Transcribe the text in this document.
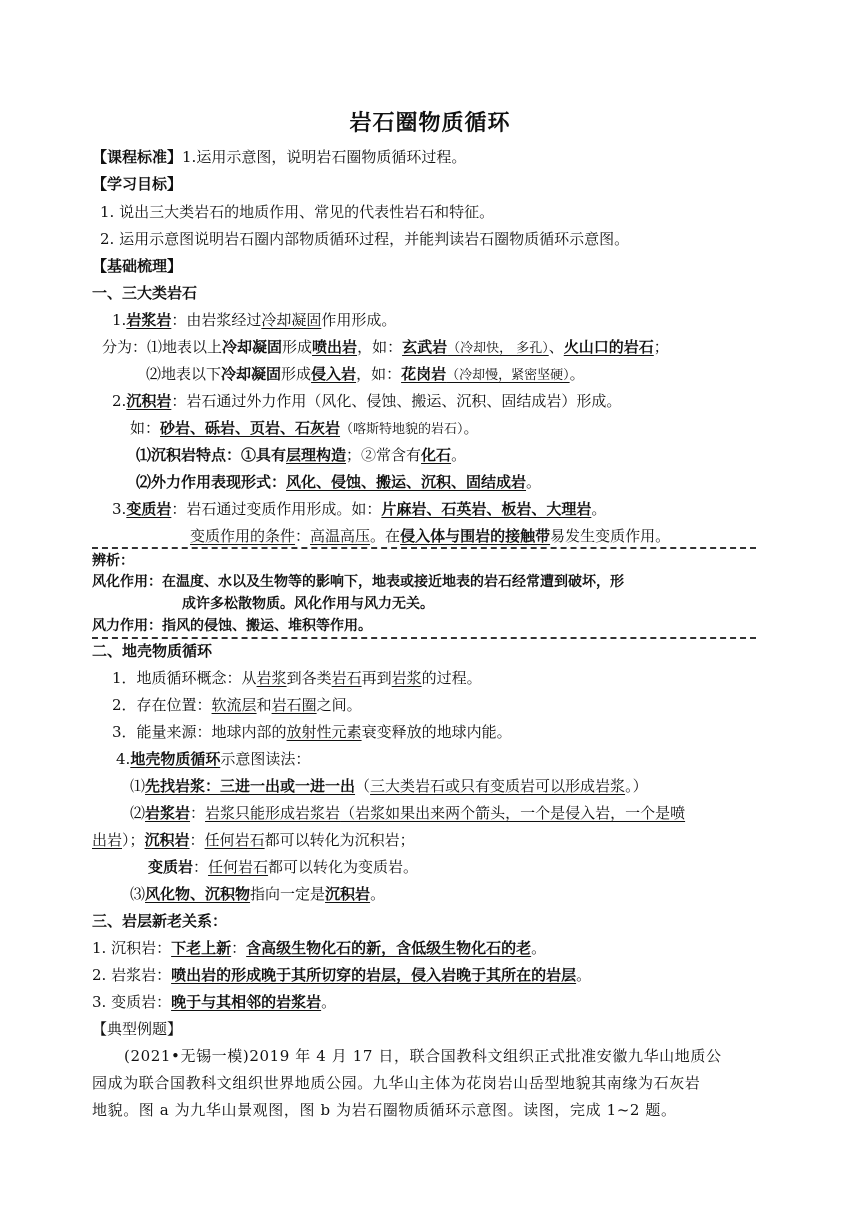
岩石圈物质循环
【课程标准】1.运用示意图，说明岩石圈物质循环过程。
【学习目标】
1. 说出三大类岩石的地质作用、常见的代表性岩石和特征。
2. 运用示意图说明岩石圈内部物质循环过程，并能判读岩石圈物质循环示意图。
【基础梳理】
一、三大类岩石
1.岩浆岩：由岩浆经过冷却凝固作用形成。
分为：⑴地表以上冷却凝固形成喷出岩，如：玄武岩（冷却快， 多孔）、火山口的岩石；
⑵地表以下冷却凝固形成侵入岩，如：花岗岩（冷却慢，紧密坚硬）。
2.沉积岩：岩石通过外力作用（风化、侵蚀、搬运、沉积、固结成岩）形成。
如：砂岩、砾岩、页岩、石灰岩（喀斯特地貌的岩石）。
⑴沉积岩特点：①具有层理构造；②常含有化石。
⑵外力作用表现形式：风化、侵蚀、搬运、沉积、固结成岩。
3.变质岩：岩石通过变质作用形成。如：片麻岩、石英岩、板岩、大理岩。
变质作用的条件：高温高压。在侵入体与围岩的接触带易发生变质作用。
辨析：
风化作用：在温度、水以及生物等的影响下，地表或接近地表的岩石经常遭到破坏，形
成许多松散物质。风化作用与风力无关。
风力作用：指风的侵蚀、搬运、堆积等作用。
二、地壳物质循环
1．地质循环概念：从岩浆到各类岩石再到岩浆的过程。
2．存在位置：软流层和岩石圈之间。
3．能量来源：地球内部的放射性元素衰变释放的地球内能。
4.地壳物质循环示意图读法：
⑴先找岩浆：三进一出或一进一出（三大类岩石或只有变质岩可以形成岩浆。）
⑵岩浆岩：岩浆只能形成岩浆岩（岩浆如果出来两个箭头，一个是侵入岩，一个是喷
出岩）；沉积岩：任何岩石都可以转化为沉积岩；
变质岩：任何岩石都可以转化为变质岩。
⑶风化物、沉积物指向一定是沉积岩。
三、岩层新老关系：
1. 沉积岩：下老上新：含高级生物化石的新，含低级生物化石的老。
2. 岩浆岩：喷出岩的形成晚于其所切穿的岩层，侵入岩晚于其所在的岩层。
3. 变质岩：晚于与其相邻的岩浆岩。
【典型例题】
(2021•无锡一模)2019 年 4 月 17 日，联合国教科文组织正式批准安徽九华山地质公
园成为联合国教科文组织世界地质公园。九华山主体为花岗岩山岳型地貌其南缘为石灰岩
地貌。图 a 为九华山景观图，图 b 为岩石圈物质循环示意图。读图，完成 1~2 题。
